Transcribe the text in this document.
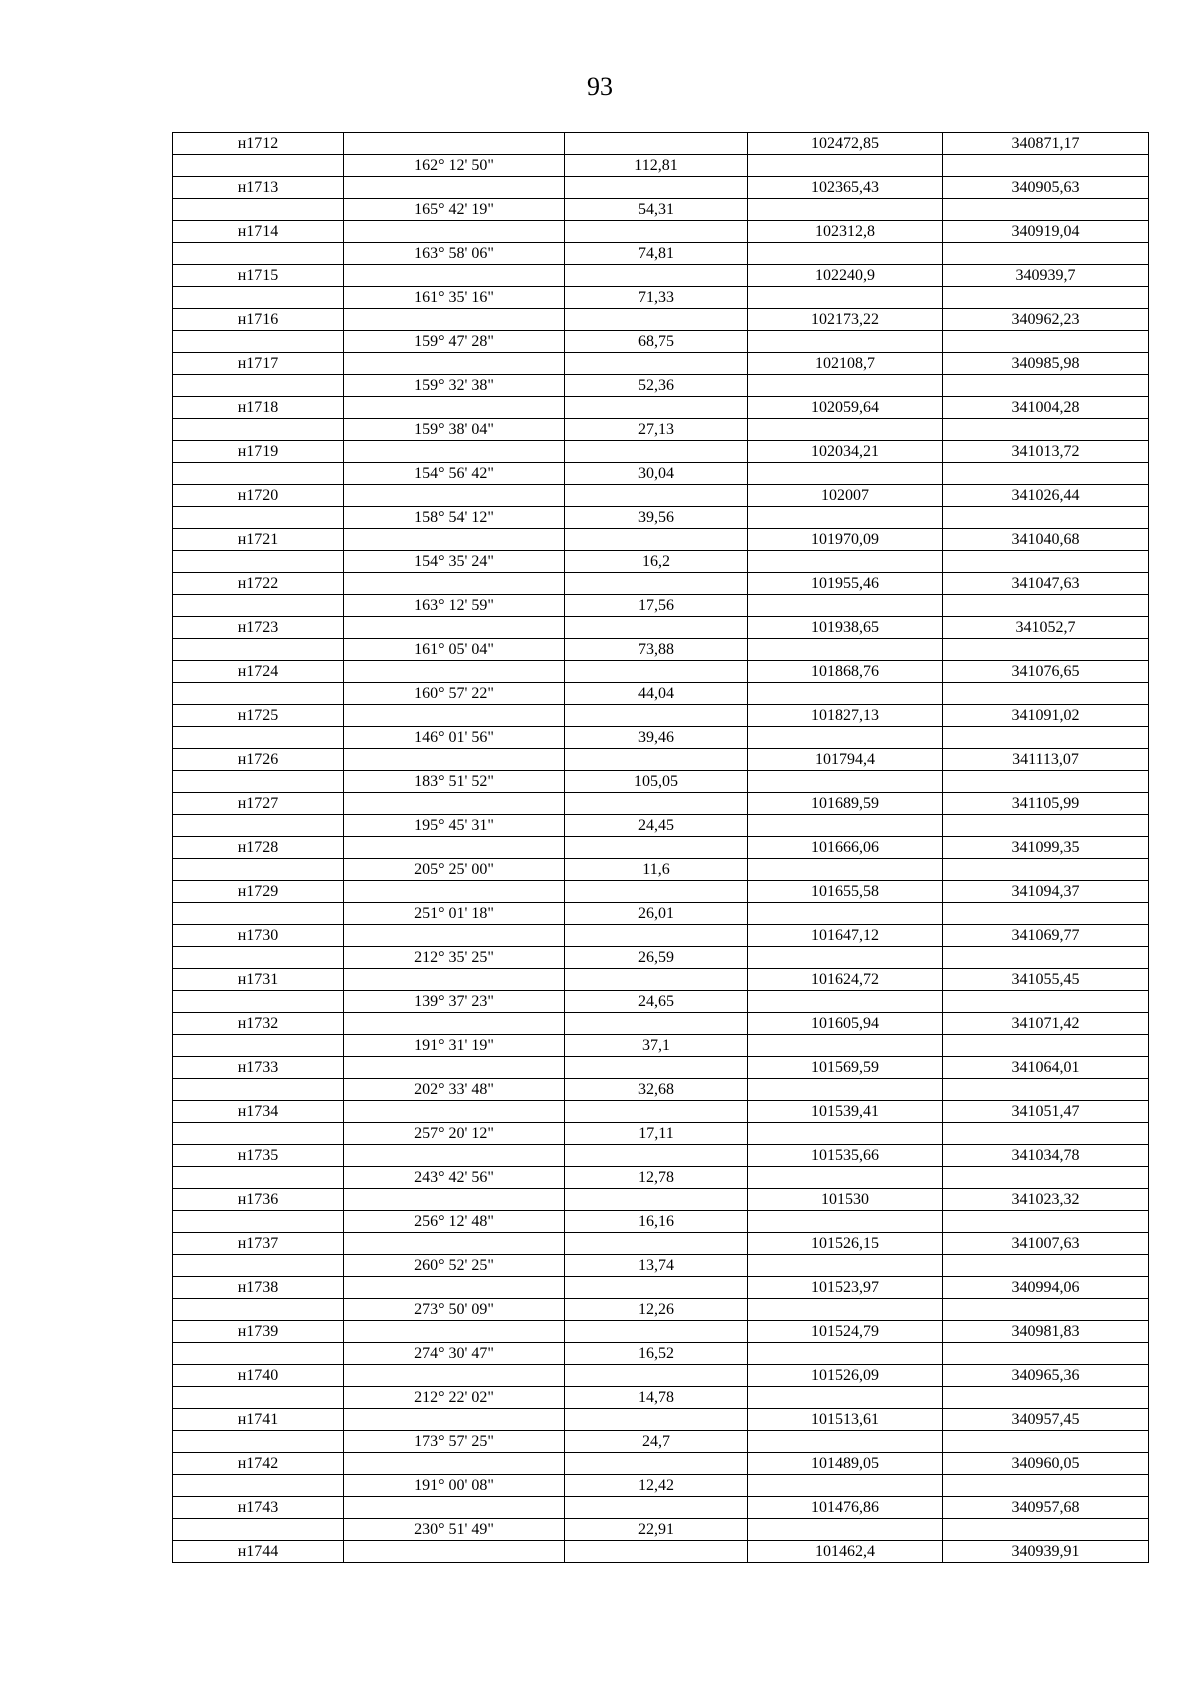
93
н1712			102472,85	340871,17
	162° 12' 50"	112,81		
н1713			102365,43	340905,63
	165° 42' 19"	54,31		
н1714			102312,8	340919,04
	163° 58' 06"	74,81		
н1715			102240,9	340939,7
	161° 35' 16"	71,33		
н1716			102173,22	340962,23
	159° 47' 28"	68,75		
н1717			102108,7	340985,98
	159° 32' 38"	52,36		
н1718			102059,64	341004,28
	159° 38' 04"	27,13		
н1719			102034,21	341013,72
	154° 56' 42"	30,04		
н1720			102007	341026,44
	158° 54' 12"	39,56		
н1721			101970,09	341040,68
	154° 35' 24"	16,2		
н1722			101955,46	341047,63
	163° 12' 59"	17,56		
н1723			101938,65	341052,7
	161° 05' 04"	73,88		
н1724			101868,76	341076,65
	160° 57' 22"	44,04		
н1725			101827,13	341091,02
	146° 01' 56"	39,46		
н1726			101794,4	341113,07
	183° 51' 52"	105,05		
н1727			101689,59	341105,99
	195° 45' 31"	24,45		
н1728			101666,06	341099,35
	205° 25' 00"	11,6		
н1729			101655,58	341094,37
	251° 01' 18"	26,01		
н1730			101647,12	341069,77
	212° 35' 25"	26,59		
н1731			101624,72	341055,45
	139° 37' 23"	24,65		
н1732			101605,94	341071,42
	191° 31' 19"	37,1		
н1733			101569,59	341064,01
	202° 33' 48"	32,68		
н1734			101539,41	341051,47
	257° 20' 12"	17,11		
н1735			101535,66	341034,78
	243° 42' 56"	12,78		
н1736			101530	341023,32
	256° 12' 48"	16,16		
н1737			101526,15	341007,63
	260° 52' 25"	13,74		
н1738			101523,97	340994,06
	273° 50' 09"	12,26		
н1739			101524,79	340981,83
	274° 30' 47"	16,52		
н1740			101526,09	340965,36
	212° 22' 02"	14,78		
н1741			101513,61	340957,45
	173° 57' 25"	24,7		
н1742			101489,05	340960,05
	191° 00' 08"	12,42		
н1743			101476,86	340957,68
	230° 51' 49"	22,91		
н1744			101462,4	340939,91
